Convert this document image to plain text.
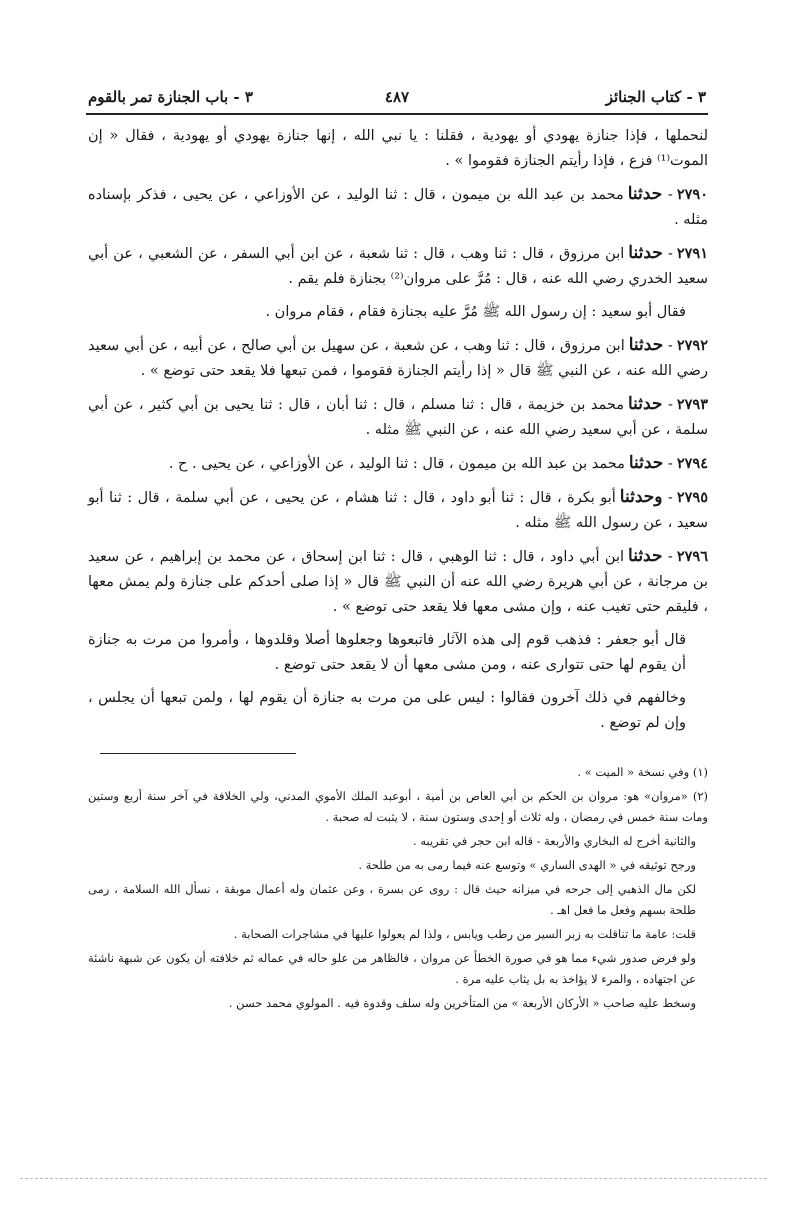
٣ - كتاب الجنائز
٤٨٧
٣ - باب الجنازة تمر بالقوم

لنحملها ، فإذا جنازة يهودي أو يهودية ، فقلنا : يا نبي الله ، إنها جنازة يهودي أو يهودية ، فقال « إن الموت⁽¹⁾ فزع ، فإذا رأيتم الجنازة فقوموا » .

٢٧٩٠- حدثنامحمد بن عبد الله بن ميمون ، قال : ثنا الوليد ، عن الأوزاعي ، عن يحيى ، فذكر بإسناده مثله .

٢٧٩١- حدثناابن مرزوق ، قال : ثنا وهب ، قال : ثنا شعبة ، عن ابن أبي السفر ، عن الشعبي ، عن أبي سعيد الخدري رضي الله عنه ، قال : مُرَّ على مروان⁽²⁾ بجنازة فلم يقم .

فقال أبو سعيد : إن رسول الله ﷺ مُرَّ عليه بجنازة فقام ، فقام مروان .

٢٧٩٢- حدثناابن مرزوق ، قال : ثنا وهب ، عن شعبة ، عن سهيل بن أبي صالح ، عن أبيه ، عن أبي سعيد رضي الله عنه ، عن النبي ﷺ قال « إذا رأيتم الجنازة فقوموا ، فمن تبعها فلا يقعد حتى توضع » .

٢٧٩٣- حدثنامحمد بن خزيمة ، قال : ثنا مسلم ، قال : ثنا أبان ، قال : ثنا يحيى بن أبي كثير ، عن أبي سلمة ، عن أبي سعيد رضي الله عنه ، عن النبي ﷺ مثله .

٢٧٩٤- حدثنامحمد بن عبد الله بن ميمون ، قال : ثنا الوليد ، عن الأوزاعي ، عن يحيى . ح .

٢٧٩٥- وحدثناأبو بكرة ، قال : ثنا أبو داود ، قال : ثنا هشام ، عن يحيى ، عن أبي سلمة ، قال : ثنا أبو سعيد ، عن رسول الله ﷺ مثله .

٢٧٩٦- حدثناابن أبي داود ، قال : ثنا الوهبي ، قال : ثنا ابن إسحاق ، عن محمد بن إبراهيم ، عن سعيد بن مرجانة ، عن أبي هريرة رضي الله عنه أن النبي ﷺ قال « إذا صلى أحدكم على جنازة ولم يمش معها ، فليقم حتى تغيب عنه ، وإن مشى معها فلا يقعد حتى توضع » .

قال أبو جعفر : فذهب قوم إلى هذه الآثار فاتبعوها وجعلوها أصلا وقلدوها ، وأمروا من مرت به جنازة أن يقوم لها حتى تتوارى عنه ، ومن مشى معها أن لا يقعد حتى توضع .

وخالفهم في ذلك آخرون فقالوا : ليس على من مرت به جنازة أن يقوم لها ، ولمن تبعها أن يجلس ، وإن لم توضع .

(١) وفي نسخة « الميت » .

(٢) «مروان» هو: مروان بن الحكم بن أبي العاص بن أمية ، أبوعبد الملك الأموي المدني، ولي الخلافة في آخر سنة أربع وستين ومات سنة خمس في رمضان ، وله ثلاث أو إحدى وستون سنة ، لا يثبت له صحبة .

والثانية أخرج له البخاري والأربعة - قاله ابن حجر في تقريبه .

ورجح توثيقه في « الهدى الساري » وتوسع عنه فيما رمى به من طلحة .

لكن مال الذهبي إلى جرحه في ميزانه حيث قال : روى عن بسرة ، وعن عثمان وله أعمال موبقة ، نسأل الله السلامة ، رمى طلحة بسهم وفعل ما فعل اهـ .

قلت: عامة ما تناقلت به زبر السير من رطب ويابس ، ولذا لم يعولوا عليها في مشاجرات الصحابة .

ولو فرض صدور شيء مما هو في صورة الخطأ عن مروان ، فالظاهر من علو حاله في عماله ثم خلافته أن يكون عن شبهة ناشئة عن اجتهاده ، والمرء لا يؤاخذ به بل يثاب عليه مرة .

وسخط عليه صاحب « الأركان الأربعة » من المتأخرين وله سلف وقدوة فيه . المولوي محمد حسن .
